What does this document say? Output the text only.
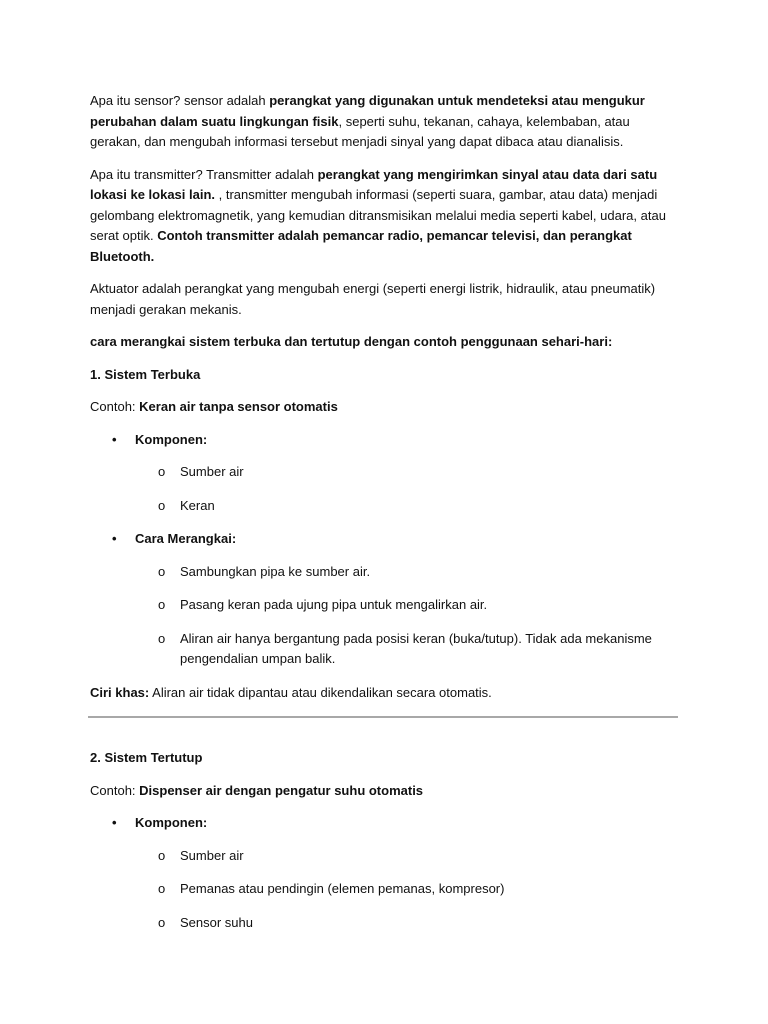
Apa itu sensor? sensor adalah perangkat yang digunakan untuk mendeteksi atau mengukur perubahan dalam suatu lingkungan fisik, seperti suhu, tekanan, cahaya, kelembaban, atau gerakan, dan mengubah informasi tersebut menjadi sinyal yang dapat dibaca atau dianalisis.

Apa itu transmitter? Transmitter adalah perangkat yang mengirimkan sinyal atau data dari satu lokasi ke lokasi lain. , transmitter mengubah informasi (seperti suara, gambar, atau data) menjadi gelombang elektromagnetik, yang kemudian ditransmisikan melalui media seperti kabel, udara, atau serat optik. Contoh transmitter adalah pemancar radio, pemancar televisi, dan perangkat Bluetooth.

Aktuator adalah perangkat yang mengubah energi (seperti energi listrik, hidraulik, atau pneumatik) menjadi gerakan mekanis.

cara merangkai sistem terbuka dan tertutup dengan contoh penggunaan sehari-hari:

1. Sistem Terbuka

Contoh: Keran air tanpa sensor otomatis

• Komponen:
o Sumber air
o Keran
• Cara Merangkai:
o Sambungkan pipa ke sumber air.
o Pasang keran pada ujung pipa untuk mengalirkan air.
o Aliran air hanya bergantung pada posisi keran (buka/tutup). Tidak ada mekanisme pengendalian umpan balik.

Ciri khas: Aliran air tidak dipantau atau dikendalikan secara otomatis.

2. Sistem Tertutup

Contoh: Dispenser air dengan pengatur suhu otomatis

• Komponen:
o Sumber air
o Pemanas atau pendingin (elemen pemanas, kompresor)
o Sensor suhu
